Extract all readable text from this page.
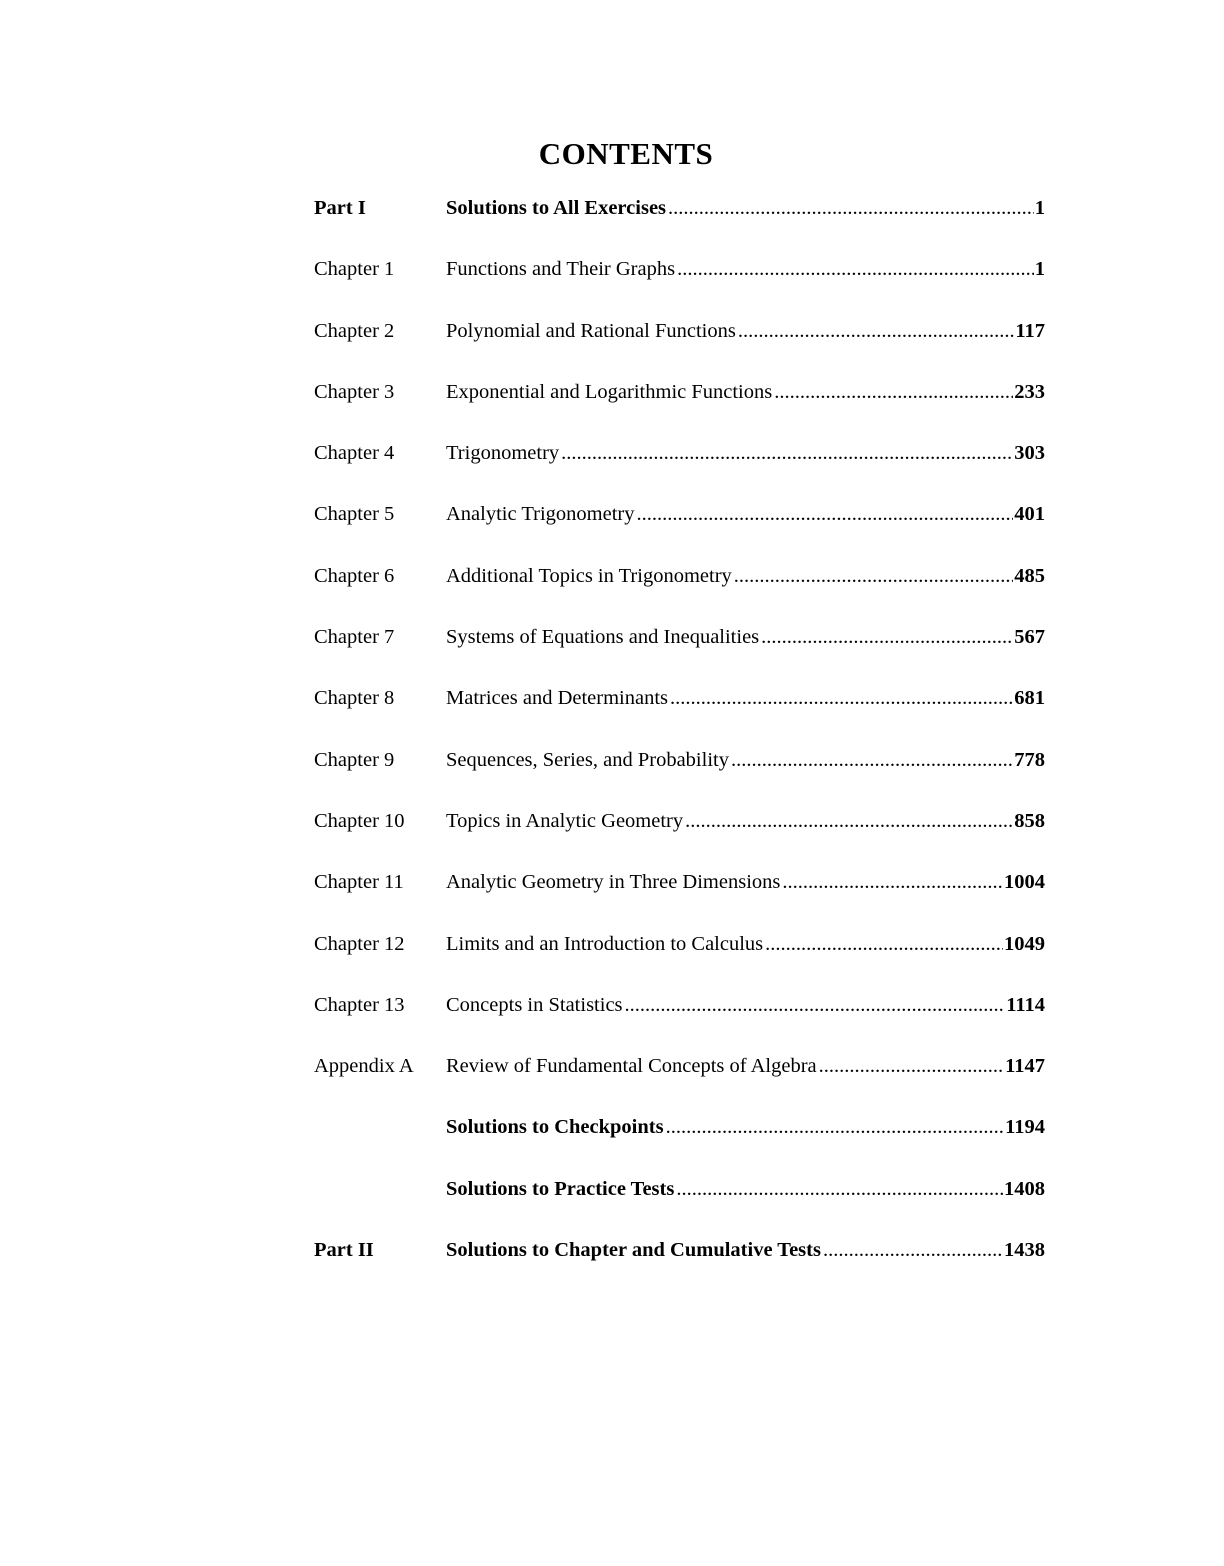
CONTENTS
Part I	Solutions to All Exercises .....	1
Chapter 1	Functions and Their Graphs .....	1
Chapter 2	Polynomial and Rational Functions .....	117
Chapter 3	Exponential and Logarithmic Functions .....	233
Chapter 4	Trigonometry .....	303
Chapter 5	Analytic Trigonometry .....	401
Chapter 6	Additional Topics in Trigonometry .....	485
Chapter 7	Systems of Equations and Inequalities .....	567
Chapter 8	Matrices and Determinants .....	681
Chapter 9	Sequences, Series, and Probability .....	778
Chapter 10	Topics in Analytic Geometry .....	858
Chapter 11	Analytic Geometry in Three Dimensions .....	1004
Chapter 12	Limits and an Introduction to Calculus .....	1049
Chapter 13	Concepts in Statistics .....	1114
Appendix A	Review of Fundamental Concepts of Algebra .....	1147
Solutions to Checkpoints .....	1194
Solutions to Practice Tests .....	1408
Part II	Solutions to Chapter and Cumulative Tests .....	1438
